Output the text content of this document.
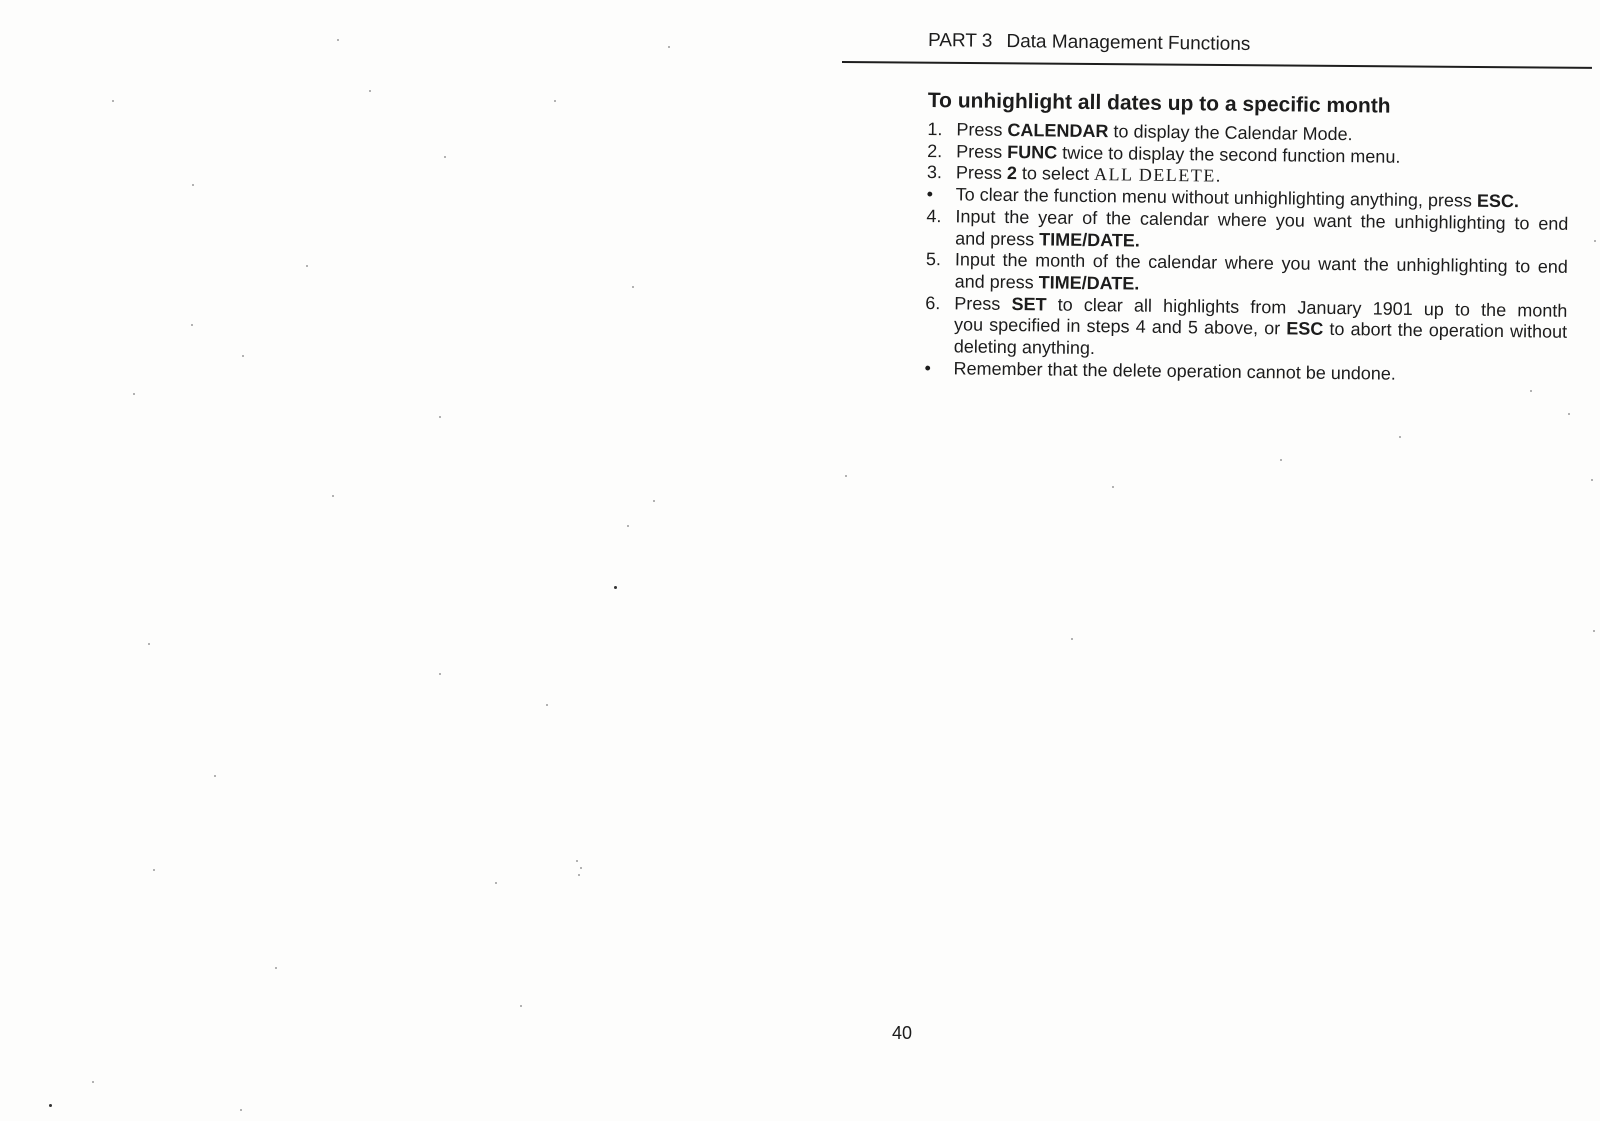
PART 3 Data Management Functions
To unhighlight all dates up to a specific month
1. Press CALENDAR to display the Calendar Mode.
2. Press FUNC twice to display the second function menu.
3. Press 2 to select ALL DELETE.
•	To clear the function menu without unhighlighting anything, press ESC.
4. Input the year of the calendar where you want the unhighlighting to end
and press TIME/DATE.
5. Input the month of the calendar where you want the unhighlighting to end
and press TIME/DATE.
6. Press SET to clear all highlights from January 1901 up to the month
you specified in steps 4 and 5 above, or ESC to abort the operation without
deleting anything.
•	Remember that the delete operation cannot be undone.
40
